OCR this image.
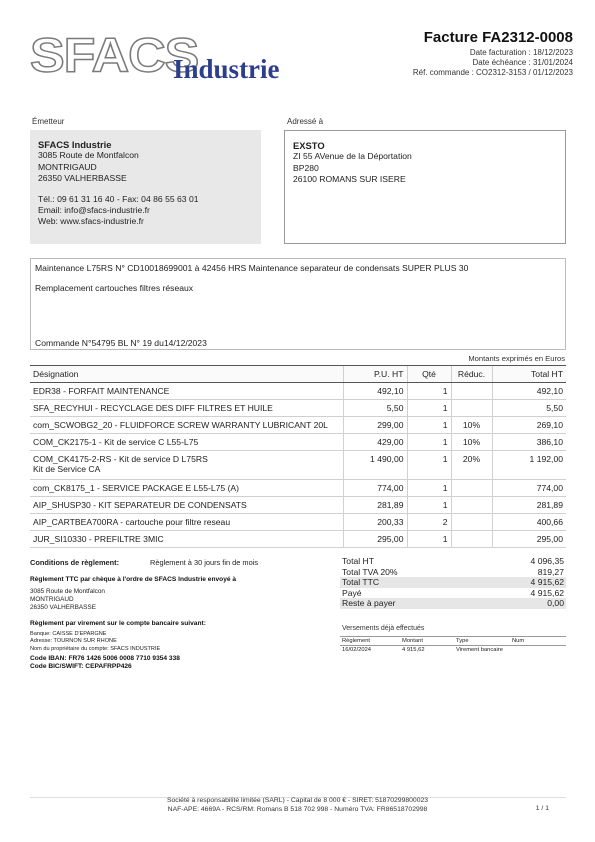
SFACS
Industrie
Facture FA2312-0008
Date facturation : 18/12/2023
Date échéance : 31/01/2024
Réf. commande : CO2312-3153 / 01/12/2023
Émetteur
SFACS Industrie
3085 Route de Montfalcon
MONTRIGAUD
26350 VALHERBASSE
Tél.: 09 61 31 16 40 - Fax: 04 86 55 63 01
Email: info@sfacs-industrie.fr
Web: www.sfacs-industrie.fr
Adressé à
EXSTO
ZI 55 AVenue de la Déportation
BP280
26100 ROMANS SUR ISERE
Maintenance L75RS N° CD10018699001 à 42456 HRS Maintenance separateur de condensats SUPER PLUS 30
Remplacement cartouches filtres réseaux
Commande N°54795 BL N° 19 du14/12/2023
Montants exprimés en Euros
Désignation	P.U. HT	Qté	Réduc.	Total HT
EDR38 - FORFAIT MAINTENANCE	492,10	1		492,10
SFA_RECYHUI - RECYCLAGE DES DIFF FILTRES ET HUILE	5,50	1		5,50
com_SCWOBG2_20 - FLUIDFORCE SCREW WARRANTY LUBRICANT 20L	299,00	1	10%	269,10
COM_CK2175-1 - Kit de service C L55-L75	429,00	1	10%	386,10

COM_CK4175-2-RS - Kit de service D L75RS
Kit de Service CA	1 490,00	1	20%	1 192,00
com_CK8175_1 - SERVICE PACKAGE E L55-L75 (A)	774,00	1		774,00
AIP_SHUSP30 - KIT SEPARATEUR DE CONDENSATS	281,89	1		281,89
AIP_CARTBEA700RA - cartouche pour filtre reseau	200,33	2		400,66
JUR_SI10330 - PREFILTRE 3MIC	295,00	1		295,00
Conditions de règlement:	Règlement à 30 jours fin de mois
Règlement TTC par chèque à l'ordre de SFACS Industrie envoyé à
3085 Route de Montfalcon
MONTRIGAUD
26350 VALHERBASSE
Règlement par virement sur le compte bancaire suivant:
Banque: CAISSE D'EPARGNE
Adresse: TOURNON SUR RHONE
Nom du propriétaire du compte: SFACS INDUSTRIE
Code IBAN: FR76 1426 5006 0008 7710 9354 338
Code BIC/SWIFT: CEPAFRPP426
Total HT	4 096,35
Total TVA 20%	819,27
Total TTC	4 915,62
Payé	4 915,62
Reste à payer	0,00
Versements déjà effectués
Règlement	Montant	Type	Num
16/02/2024	4 915,62	Virement bancaire	
Société à responsabilité limitée (SARL) - Capital de 8 000 € - SIRET: 51870299800023
NAF-APE: 4669A - RCS/RM: Romans B 518 702 998 - Numéro TVA: FR86518702998	1 / 1
